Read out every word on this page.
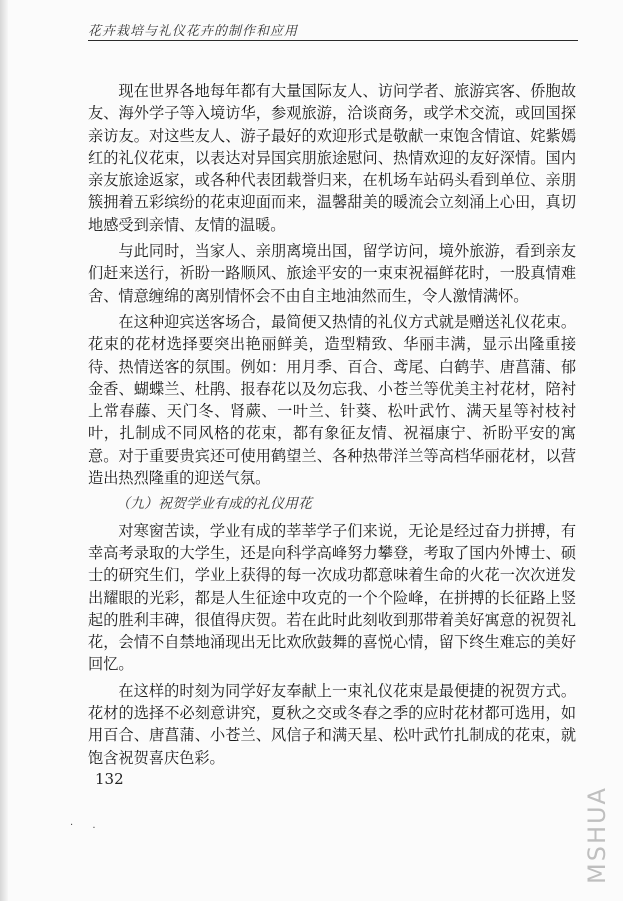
花卉栽培与礼仪花卉的制作和应用

现在世界各地每年都有大量国际友人、访问学者、旅游宾客、侨胞故友、海外学子等入境访华，参观旅游，洽谈商务，或学术交流，或回国探亲访友。对这些友人、游子最好的欢迎形式是敬献一束饱含情谊、姹紫嫣红的礼仪花束，以表达对异国宾朋旅途慰问、热情欢迎的友好深情。国内亲友旅途返家，或各种代表团载誉归来，在机场车站码头看到单位、亲朋簇拥着五彩缤纷的花束迎面而来，温馨甜美的暖流会立刻涌上心田，真切地感受到亲情、友情的温暖。

与此同时，当家人、亲朋离境出国，留学访问，境外旅游，看到亲友们赶来送行，祈盼一路顺风、旅途平安的一束束祝福鲜花时，一股真情难舍、情意缠绵的离别情怀会不由自主地油然而生，令人激情满怀。

在这种迎宾送客场合，最简便又热情的礼仪方式就是赠送礼仪花束。花束的花材选择要突出艳丽鲜美，造型精致、华丽丰满，显示出隆重接待、热情送客的氛围。例如：用月季、百合、鸢尾、白鹤芋、唐菖蒲、郁金香、蝴蝶兰、杜鹃、报春花以及勿忘我、小苍兰等优美主衬花材，陪衬上常春藤、天门冬、肾蕨、一叶兰、针葵、松叶武竹、满天星等衬枝衬叶，扎制成不同风格的花束，都有象征友情、祝福康宁、祈盼平安的寓意。对于重要贵宾还可使用鹤望兰、各种热带洋兰等高档华丽花材，以营造出热烈隆重的迎送气氛。

（九）祝贺学业有成的礼仪用花

对寒窗苦读，学业有成的莘莘学子们来说，无论是经过奋力拼搏，有幸高考录取的大学生，还是向科学高峰努力攀登，考取了国内外博士、硕士的研究生们，学业上获得的每一次成功都意味着生命的火花一次次迸发出耀眼的光彩，都是人生征途中攻克的一个个险峰，在拼搏的长征路上竖起的胜利丰碑，很值得庆贺。若在此时此刻收到那带着美好寓意的祝贺礼花，会情不自禁地涌现出无比欢欣鼓舞的喜悦心情，留下终生难忘的美好回忆。

在这样的时刻为同学好友奉献上一束礼仪花束是最便捷的祝贺方式。花材的选择不必刻意讲究，夏秋之交或冬春之季的应时花材都可选用，如用百合、唐菖蒲、小苍兰、风信子和满天星、松叶武竹扎制成的花束，就饱含祝贺喜庆色彩。

132
· .	MSHUA
